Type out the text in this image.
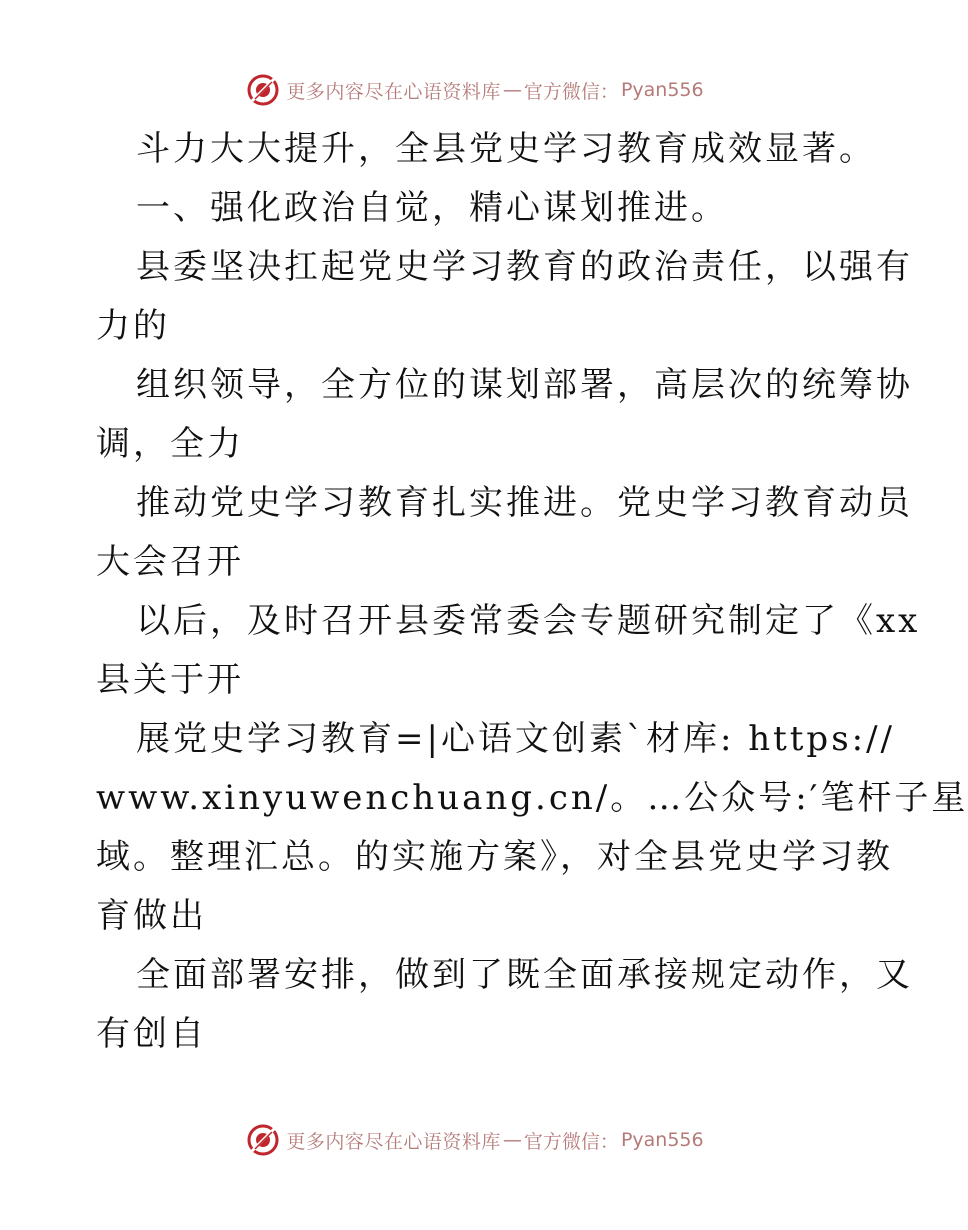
更多内容尽在心语资料库 — 官方微信： Pyan556
斗力大大提升，全县党史学习教育成效显著。
一、强化政治自觉，精心谋划推进。
县委坚决扛起党史学习教育的政治责任，以强有
力的
组织领导，全方位的谋划部署，高层次的统筹协
调，全力
推动党史学习教育扎实推进。党史学习教育动员
大会召开
以后，及时召开县委常委会专题研究制定了《xx
县关于开
展党史学习教育=|心语文创素`材库: https://
www.xinyuwenchuang.cn/。…公众号:′笔杆子星
域。整理汇总。的实施方案》，对全县党史学习教
育做出
全面部署安排，做到了既全面承接规定动作，又
有创自
更多内容尽在心语资料库 — 官方微信： Pyan556
